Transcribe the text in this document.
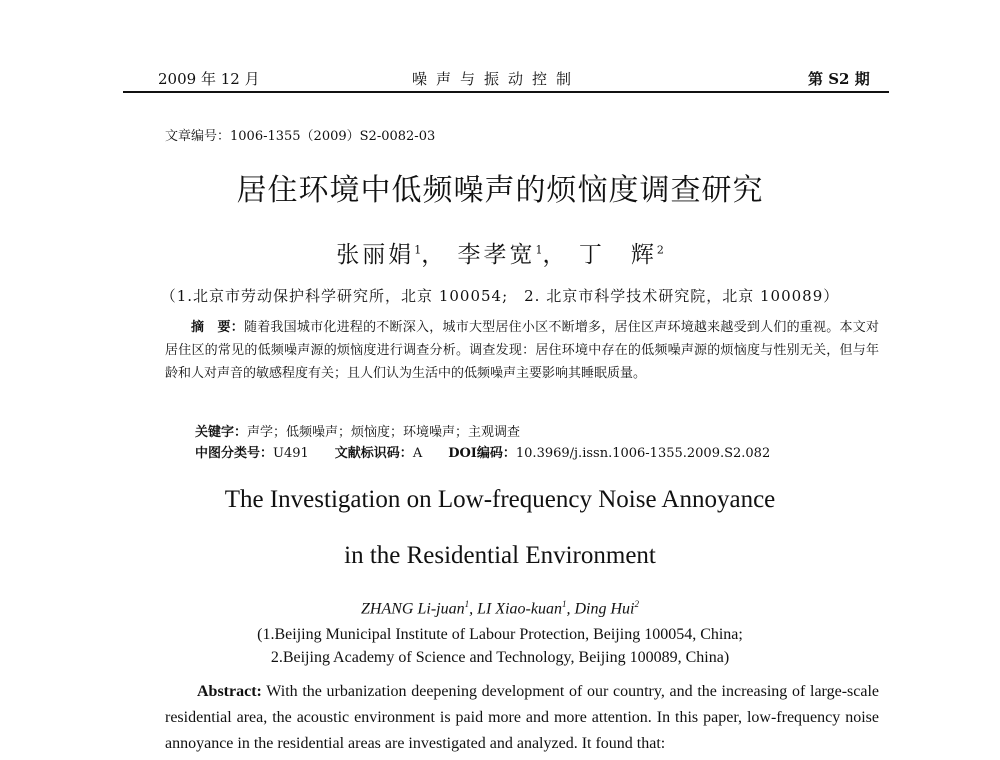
2009 年 12 月	噪声与振动控制	第 S2 期
文章编号：1006-1355（2009）S2-0082-03
居住环境中低频噪声的烦恼度调查研究
张丽娟$^1$， 李孝宽$^1$， 丁　辉$^2$
（1.北京市劳动保护科学研究所，北京 100054;　2. 北京市科学技术研究院，北京 100089）
摘　要：随着我国城市化进程的不断深入，城市大型居住小区不断增多，居住区声环境越来越受到人们的重视。本文对居住区的常见的低频噪声源的烦恼度进行调查分析。调查发现：居住环境中存在的低频噪声源的烦恼度与性别无关，但与年龄和人对声音的敏感程度有关；且人们认为生活中的低频噪声主要影响其睡眠质量。
关键字：声学；低频噪声；烦恼度；环境噪声；主观调查
中图分类号：U491 文献标识码：A DOI编码：10.3969/j.issn.1006-1355.2009.S2.082
The Investigation on Low-frequency Noise Annoyance
in the Residential Environment
ZHANG Li-juan$^1$, LI Xiao-kuan$^1$, Ding Hui$^2$
(1.Beijing Municipal Institute of Labour Protection, Beijing 100054, China;
2.Beijing Academy of Science and Technology, Beijing 100089, China)
Abstract: With the urbanization deepening development of our country, and the increasing of large-scale residential area, the acoustic environment is paid more and more attention. In this paper, low-frequency noise annoyance in the residential areas are investigated and analyzed. It found that:
